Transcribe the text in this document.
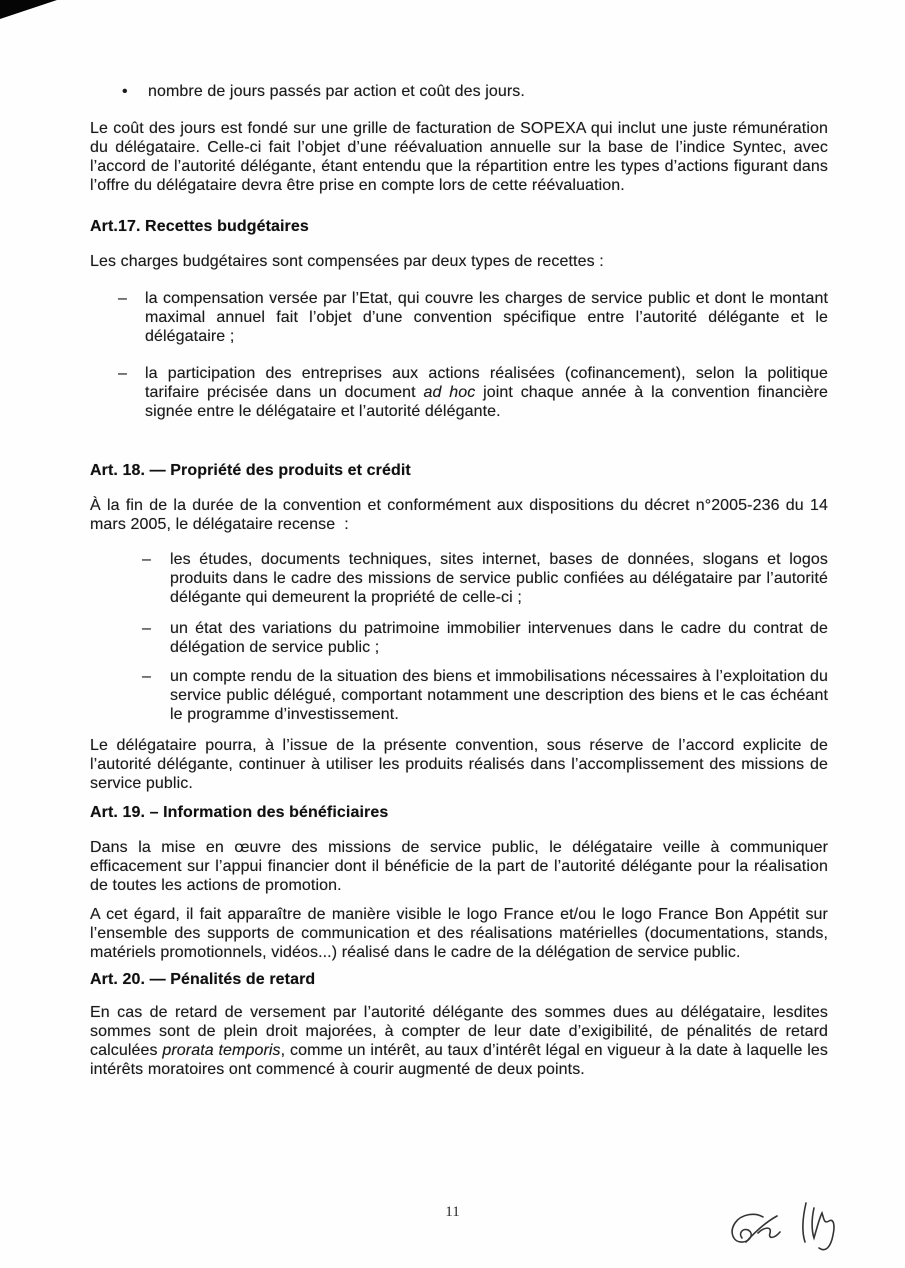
•	nombre de jours passés par action et coût des jours.

Le coût des jours est fondé sur une grille de facturation de SOPEXA qui inclut une juste rémunération du délégataire. Celle-ci fait l’objet d’une réévaluation annuelle sur la base de l’indice Syntec, avec l’accord de l’autorité délégante, étant entendu que la répartition entre les types d’actions figurant dans l’offre du délégataire devra être prise en compte lors de cette réévaluation.

Art.17. Recettes budgétaires

Les charges budgétaires sont compensées par deux types de recettes :

–	la compensation versée par l’Etat, qui couvre les charges de service public et dont le montant maximal annuel fait l’objet d’une convention spécifique entre l’autorité délégante et le délégataire ;
–	la participation des entreprises aux actions réalisées (cofinancement), selon la politique tarifaire précisée dans un document ad hoc joint chaque année à la convention financière signée entre le délégataire et l’autorité délégante.

Art. 18. — Propriété des produits et crédit

À la fin de la durée de la convention et conformément aux dispositions du décret n°2005-236 du 14 mars 2005, le délégataire recense  :

–	les études, documents techniques, sites internet, bases de données, slogans et logos produits dans le cadre des missions de service public confiées au délégataire par l’autorité délégante qui demeurent la propriété de celle-ci ;
–	un état des variations du patrimoine immobilier intervenues dans le cadre du contrat de délégation de service public ;
–	un compte rendu de la situation des biens et immobilisations nécessaires à l’exploitation du service public délégué, comportant notamment une description des biens et le cas échéant le programme d’investissement.

Le délégataire pourra, à l’issue de la présente convention, sous réserve de l’accord explicite de l’autorité délégante, continuer à utiliser les produits réalisés dans l’accomplissement des missions de service public.

Art. 19. – Information des bénéficiaires

Dans la mise en œuvre des missions de service public, le délégataire veille à communiquer efficacement sur l’appui financier dont il bénéficie de la part de l’autorité délégante pour la réalisation de toutes les actions de promotion.

A cet égard, il fait apparaître de manière visible le logo France et/ou le logo France Bon Appétit sur l’ensemble des supports de communication et des réalisations matérielles (documentations, stands, matériels promotionnels, vidéos...) réalisé dans le cadre de la délégation de service public.

Art. 20. — Pénalités de retard

En cas de retard de versement par l’autorité délégante des sommes dues au délégataire, lesdites sommes sont de plein droit majorées, à compter de leur date d’exigibilité, de pénalités de retard calculées prorata temporis, comme un intérêt, au taux d’intérêt légal en vigueur à la date à laquelle les intérêts moratoires ont commencé à courir augmenté de deux points.

11
